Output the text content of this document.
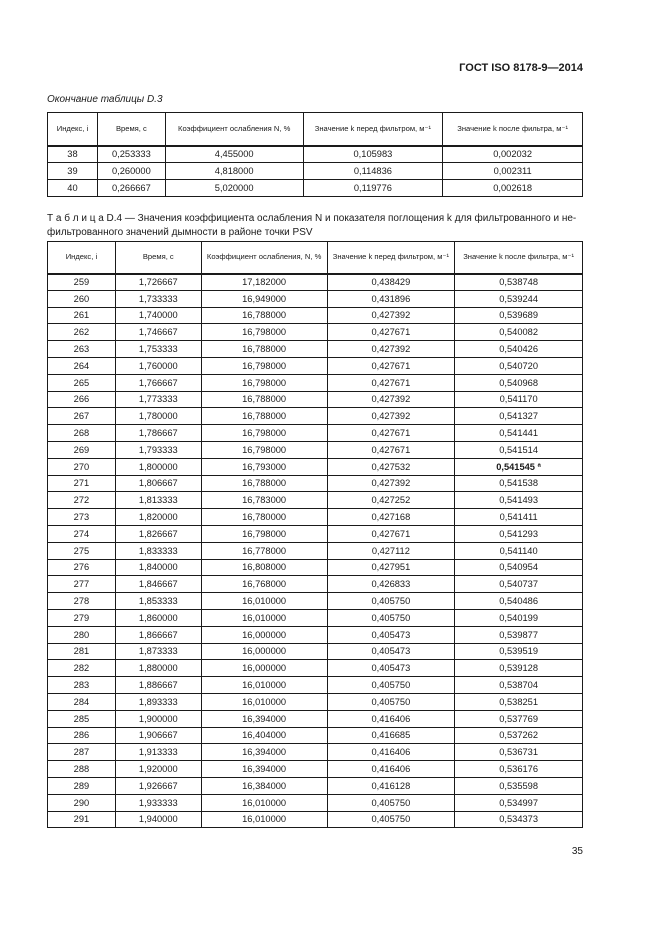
ГОСТ ISO 8178-9—2014
Окончание таблицы D.3
Индекс, i	Время, с	Коэффициент ослабления N, %	Значение k перед фильтром, м⁻¹	Значение k после фильтра, м⁻¹
38	0,253333	4,455000	0,105983	0,002032
39	0,260000	4,818000	0,114836	0,002311
40	0,266667	5,020000	0,119776	0,002618
Т а б л и ц а D.4 — Значения коэффициента ослабления N и показателя поглощения k для фильтрованного и не-фильтрованного значений дымности в районе точки PSV
Индекс, i	Время, с	Коэффициент ослабления, N, %	Значение k перед фильтром, м⁻¹	Значение k после фильтра, м⁻¹
259	1,726667	17,182000	0,438429	0,538748
260	1,733333	16,949000	0,431896	0,539244
261	1,740000	16,788000	0,427392	0,539689
262	1,746667	16,798000	0,427671	0,540082
263	1,753333	16,788000	0,427392	0,540426
264	1,760000	16,798000	0,427671	0,540720
265	1,766667	16,798000	0,427671	0,540968
266	1,773333	16,788000	0,427392	0,541170
267	1,780000	16,788000	0,427392	0,541327
268	1,786667	16,798000	0,427671	0,541441
269	1,793333	16,798000	0,427671	0,541514
270	1,800000	16,793000	0,427532	0,541545 ª
271	1,806667	16,788000	0,427392	0,541538
272	1,813333	16,783000	0,427252	0,541493
273	1,820000	16,780000	0,427168	0,541411
274	1,826667	16,798000	0,427671	0,541293
275	1,833333	16,778000	0,427112	0,541140
276	1,840000	16,808000	0,427951	0,540954
277	1,846667	16,768000	0,426833	0,540737
278	1,853333	16,010000	0,405750	0,540486
279	1,860000	16,010000	0,405750	0,540199
280	1,866667	16,000000	0,405473	0,539877
281	1,873333	16,000000	0,405473	0,539519
282	1,880000	16,000000	0,405473	0,539128
283	1,886667	16,010000	0,405750	0,538704
284	1,893333	16,010000	0,405750	0,538251
285	1,900000	16,394000	0,416406	0,537769
286	1,906667	16,404000	0,416685	0,537262
287	1,913333	16,394000	0,416406	0,536731
288	1,920000	16,394000	0,416406	0,536176
289	1,926667	16,384000	0,416128	0,535598
290	1,933333	16,010000	0,405750	0,534997
291	1,940000	16,010000	0,405750	0,534373
35
